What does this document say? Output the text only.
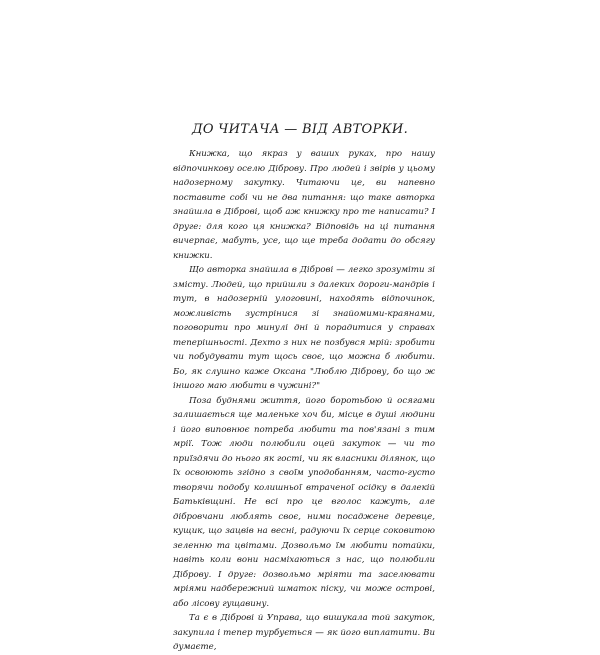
ДО ЧИТАЧА — ВІД АВТОРКИ.

Книжка, що якраз у ваших руках, про нашу відпочинкову оселю Діброву. Про людей і звірів у цьому надозерному закутку. Читаючи це, ви напевно поставите собі чи не два питання: що таке авторка знайшла в Діброві, щоб аж книжку про те написати? І друге: для кого ця книжка? Відповідь на ці питання вичерпає, мабуть, усе, що ще треба додати до обсягу книжки.

Що авторка знайшла в Діброві — легко зрозуміти зі змісту. Людей, що прийшли з далеких дороги-мандрів і тут, в надозерній улоговині, находять відпочинок, можливість зустрінися зі знайомими-краянами, поговорити про минулі дні й порадитися у справах теперішньості. Дехто з них не позбувся мрій: зробити чи побудувати тут щось своє, що можна б любити. Бо, як слушно каже Оксана "Люблю Діброву, бо що ж іншого маю любити в чужині?"

Поза буднями життя, його боротьбою й осягами залишається ще маленьке хоч би, місце в душі людини і його виповнює потреба любити та пов'язані з тим мрії. Тож люди полюбили оцей закуток — чи то приїздячи до нього як гості, чи як власники ділянок, що їх освоюють згідно з своїм уподобанням, часто-густо творячи подобу колишньої втраченої осідку в далекій Батьківщині. Не всі про це вголос кажуть, але дібровчани люблять своє, ними посаджене деревце, кущик, що зацвів на весні, радуючи їх серце соковитою зеленню та цвітами. Дозвольмо їм любити потайки, навіть коли вони насміхаються з нас, що полюбили Діброву. І друге: дозвольмо мріяти та заселювати мріями надбережний шматок піску, чи може острові, або лісову гущавину.

Та є в Діброві й Управа, що вишукала той закуток, закупила і тепер турбується — як його виплатити. Ви думаєте,
